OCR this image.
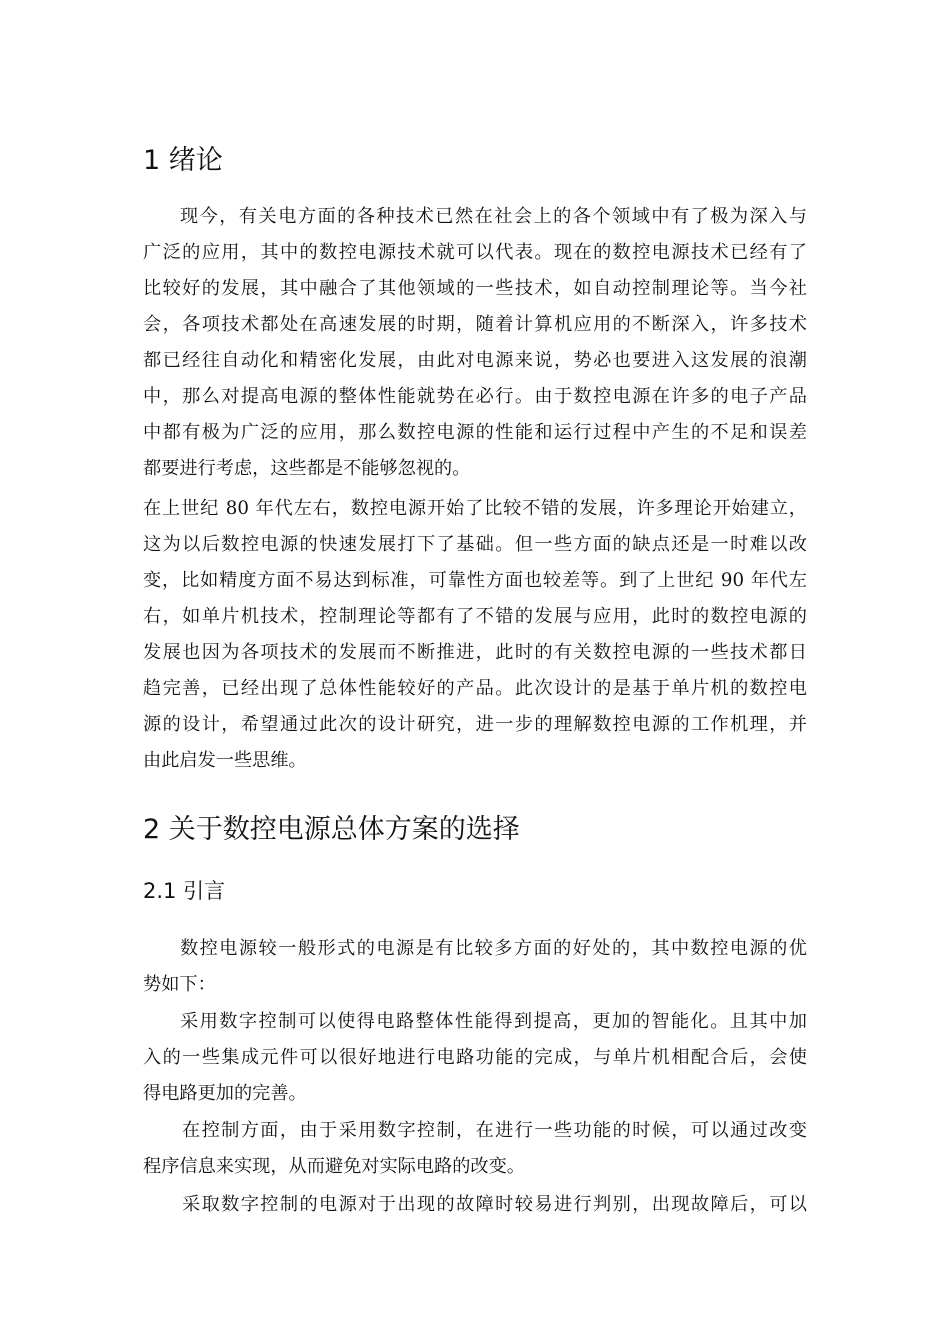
1 绪论
现今，有关电方面的各种技术已然在社会上的各个领域中有了极为深入与
广泛的应用，其中的数控电源技术就可以代表。现在的数控电源技术已经有了
比较好的发展，其中融合了其他领域的一些技术，如自动控制理论等。当今社
会，各项技术都处在高速发展的时期，随着计算机应用的不断深入，许多技术
都已经往自动化和精密化发展，由此对电源来说，势必也要进入这发展的浪潮
中，那么对提高电源的整体性能就势在必行。由于数控电源在许多的电子产品
中都有极为广泛的应用，那么数控电源的性能和运行过程中产生的不足和误差
都要进行考虑，这些都是不能够忽视的。
在上世纪 80 年代左右，数控电源开始了比较不错的发展，许多理论开始建立，
这为以后数控电源的快速发展打下了基础。但一些方面的缺点还是一时难以改
变，比如精度方面不易达到标准，可靠性方面也较差等。到了上世纪 90 年代左
右，如单片机技术，控制理论等都有了不错的发展与应用，此时的数控电源的
发展也因为各项技术的发展而不断推进，此时的有关数控电源的一些技术都日
趋完善，已经出现了总体性能较好的产品。此次设计的是基于单片机的数控电
源的设计，希望通过此次的设计研究，进一步的理解数控电源的工作机理，并
由此启发一些思维。
2 关于数控电源总体方案的选择
2.1 引言
数控电源较一般形式的电源是有比较多方面的好处的，其中数控电源的优
势如下：
采用数字控制可以使得电路整体性能得到提高，更加的智能化。且其中加
入的一些集成元件可以很好地进行电路功能的完成，与单片机相配合后，会使
得电路更加的完善。
在控制方面，由于采用数字控制，在进行一些功能的时候，可以通过改变
程序信息来实现，从而避免对实际电路的改变。
采取数字控制的电源对于出现的故障时较易进行判别，出现故障后，可以
